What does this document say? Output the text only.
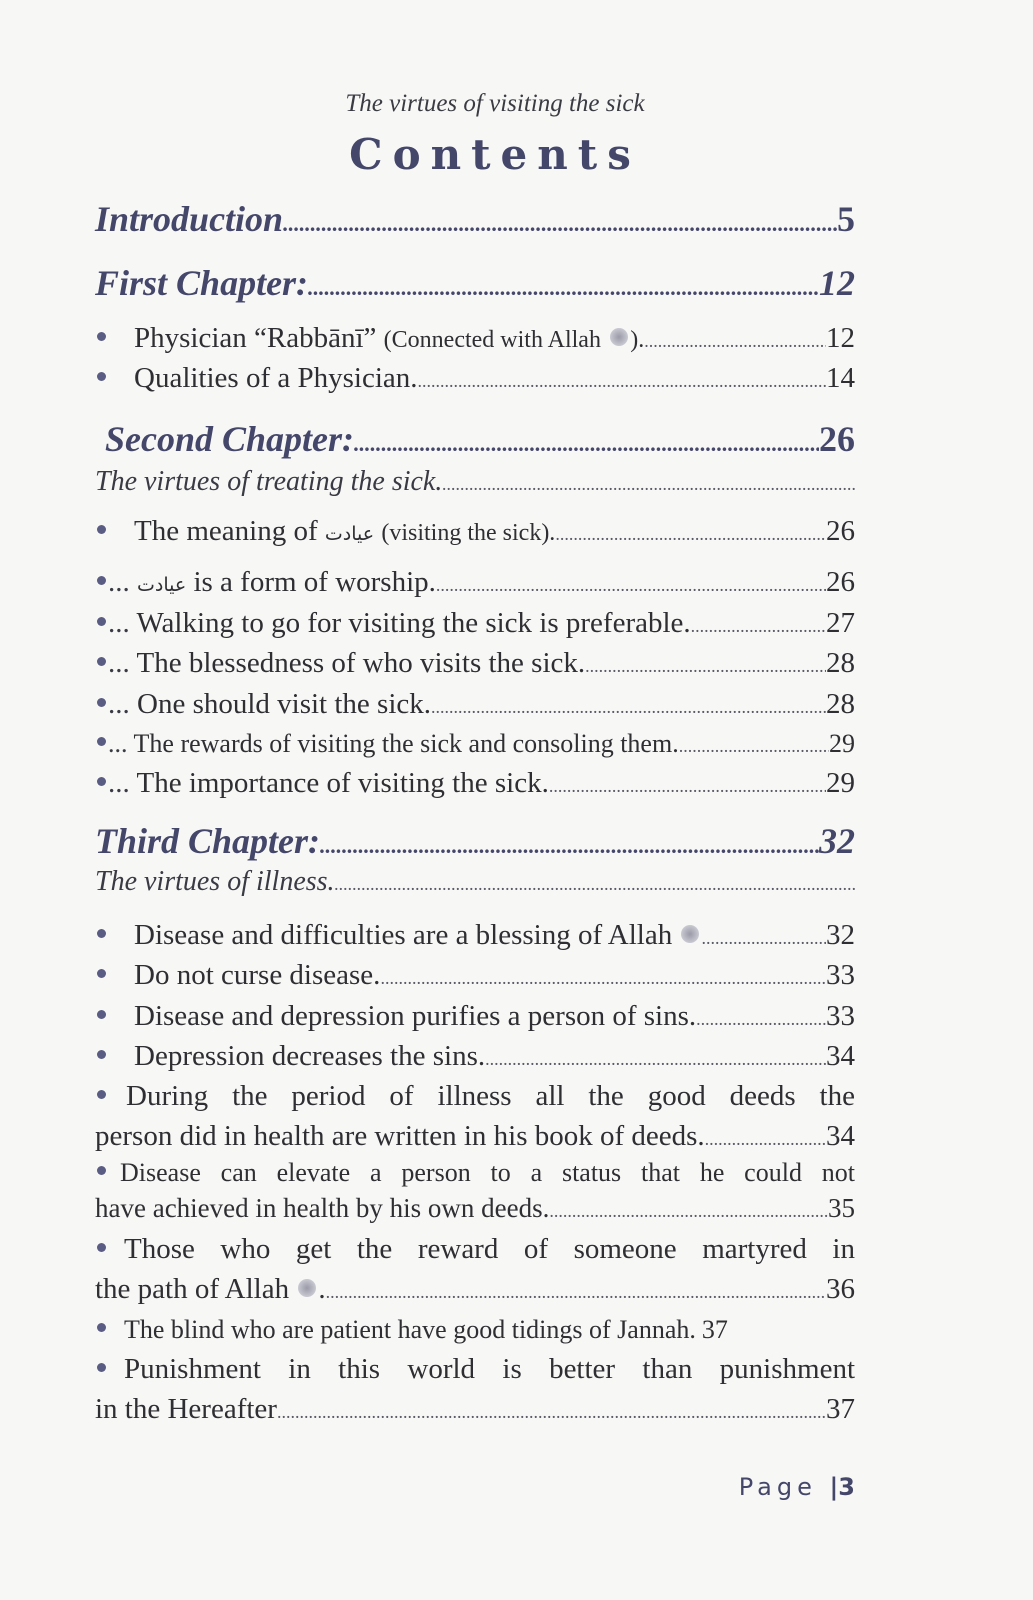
The virtues of visiting the sick
Contents
Introduction .....	5
First Chapter: .....	12
Physician “Rabbānī” (Connected with Allah ). .....	12
Qualities of a Physician. .....	14
Second Chapter: .....	26
The virtues of treating the sick.
.....
The meaning of عيادت (visiting the sick). .....	26
... عيادت is a form of worship. .....	26
... Walking to go for visiting the sick is preferable. .....	27
... The blessedness of who visits the sick. .....	28
... One should visit the sick. .....	28
... The rewards of visiting the sick and consoling them. .....	29
... The importance of visiting the sick. .....	29
Third Chapter: .....	32
The virtues of illness.
.....
Disease and difficulties are a blessing of Allah .....	32
Do not curse disease. .....	33
Disease and depression purifies a person of sins. .....	33
Depression decreases the sins. .....	34
During the period of illness all the good deeds the
person did in health are written in his book of deeds. .....	34
Disease can elevate a person to a status that he could not
have achieved in health by his own deeds. .....	35
Those who get the reward of someone martyred in
the path of Allah . .....	36
The blind who are patient have good tidings of Jannah. 37
Punishment in this world is better than punishment
in the Hereafter .....	37
Page |3
